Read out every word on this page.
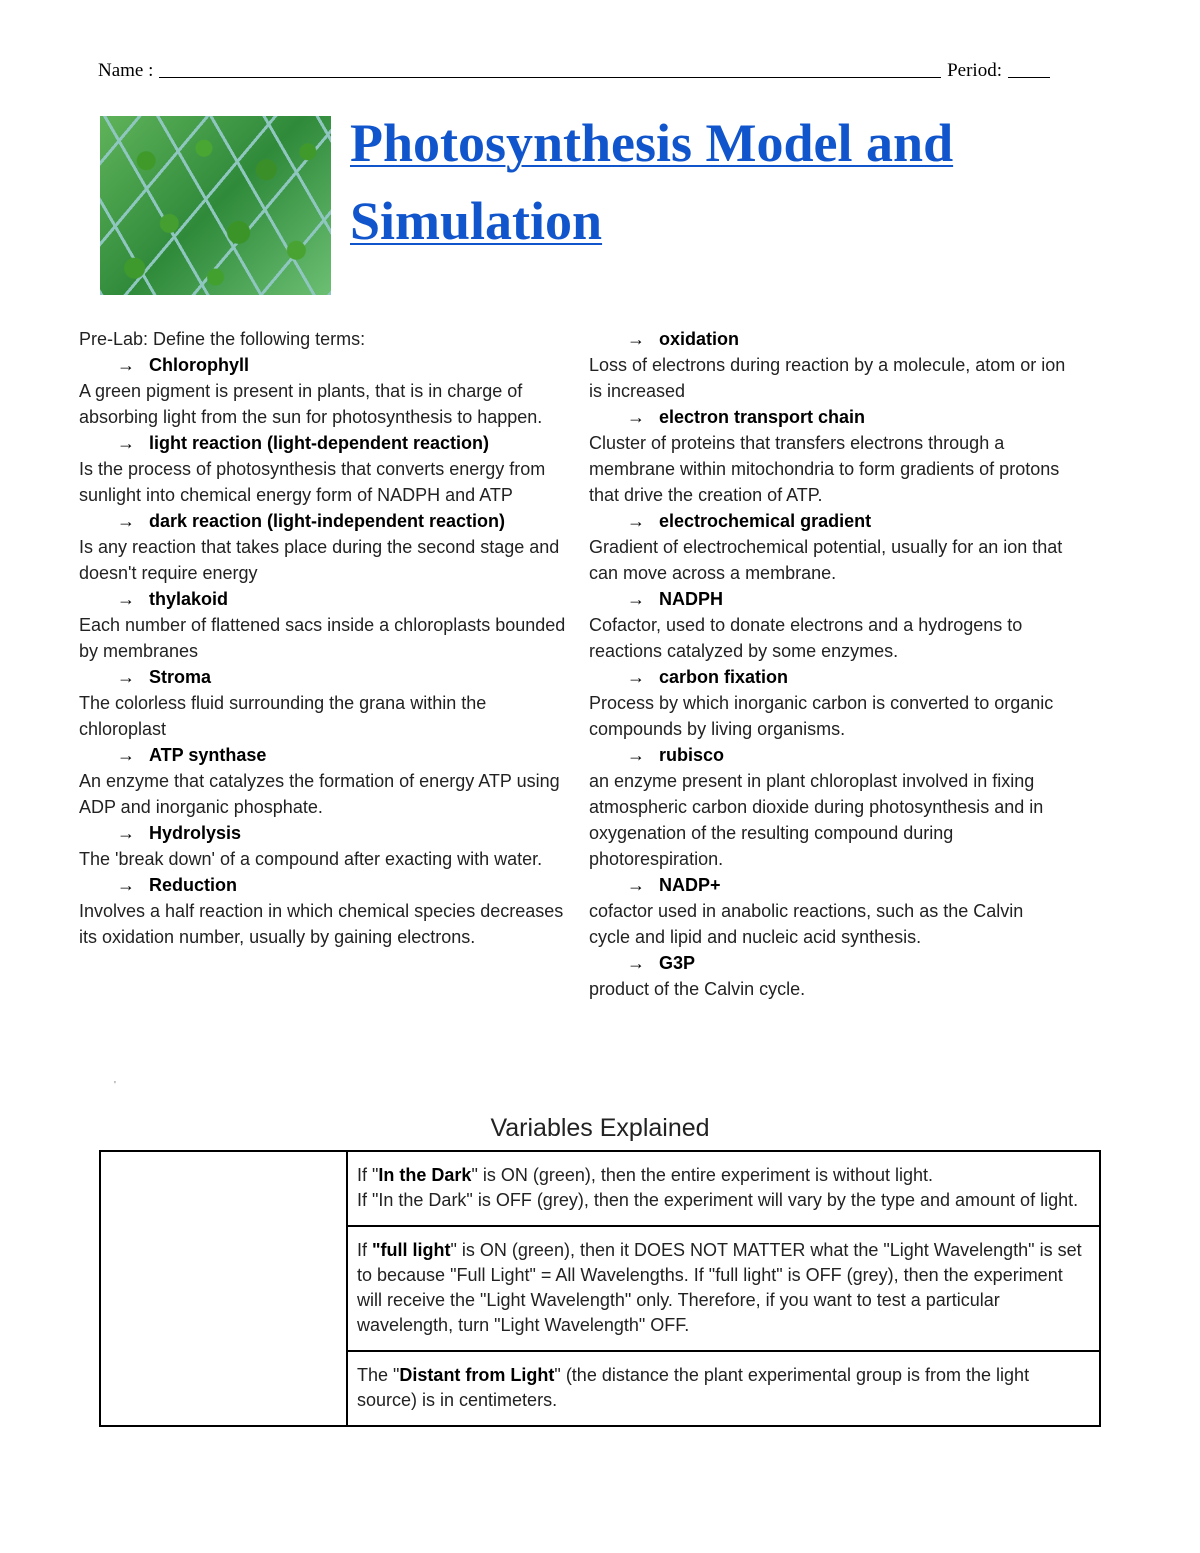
Name :	Period:
Photosynthesis Model and
Simulation
Pre-Lab: Define the following terms:
→ Chlorophyll
A green pigment is present in plants, that is in charge of absorbing light from the sun for photosynthesis to happen.
→ light reaction (light-dependent reaction)
Is the process of photosynthesis that converts energy from sunlight into chemical energy form of NADPH and ATP
→ dark reaction (light-independent reaction)
Is any reaction that takes place during the second stage and doesn't require energy
→ thylakoid
Each number of flattened sacs inside a chloroplasts bounded by membranes
→ Stroma
The colorless fluid surrounding the grana within the chloroplast
→ ATP synthase
An enzyme that catalyzes the formation of energy ATP using ADP and inorganic phosphate.
→ Hydrolysis
The 'break down' of a compound after exacting with water.
→ Reduction
Involves a half reaction in which chemical species decreases its oxidation number, usually by gaining electrons.
→ oxidation
Loss of electrons during reaction by a molecule, atom or ion is increased
→ electron transport chain
Cluster of proteins that transfers electrons through a membrane within mitochondria to form gradients of protons that drive the creation of ATP.
→ electrochemical gradient
Gradient of electrochemical potential, usually for an ion that can move across a membrane.
→ NADPH
Cofactor, used to donate electrons and a hydrogens to reactions catalyzed by some enzymes.
→ carbon fixation
Process by which inorganic carbon is converted to organic compounds by living organisms.
→ rubisco
an enzyme present in plant chloroplast involved in fixing atmospheric carbon dioxide during photosynthesis and in oxygenation of the resulting compound during photorespiration.
→ NADP+
cofactor used in anabolic reactions, such as the Calvin cycle and lipid and nucleic acid synthesis.
→ G3P
product of the Calvin cycle.
'
Variables Explained
	If "In the Dark" is ON (green), then the entire experiment is without light.
If "In the Dark" is OFF (grey), then the experiment will vary by the type and amount of light.
If "full light" is ON (green), then it DOES NOT MATTER what the "Light Wavelength" is set to because "Full Light" = All Wavelengths. If "full light" is OFF (grey), then the experiment will receive the "Light Wavelength" only. Therefore, if you want to test a particular wavelength, turn "Light Wavelength" OFF.
The "Distant from Light" (the distance the plant experimental group is from the light source) is in centimeters.
